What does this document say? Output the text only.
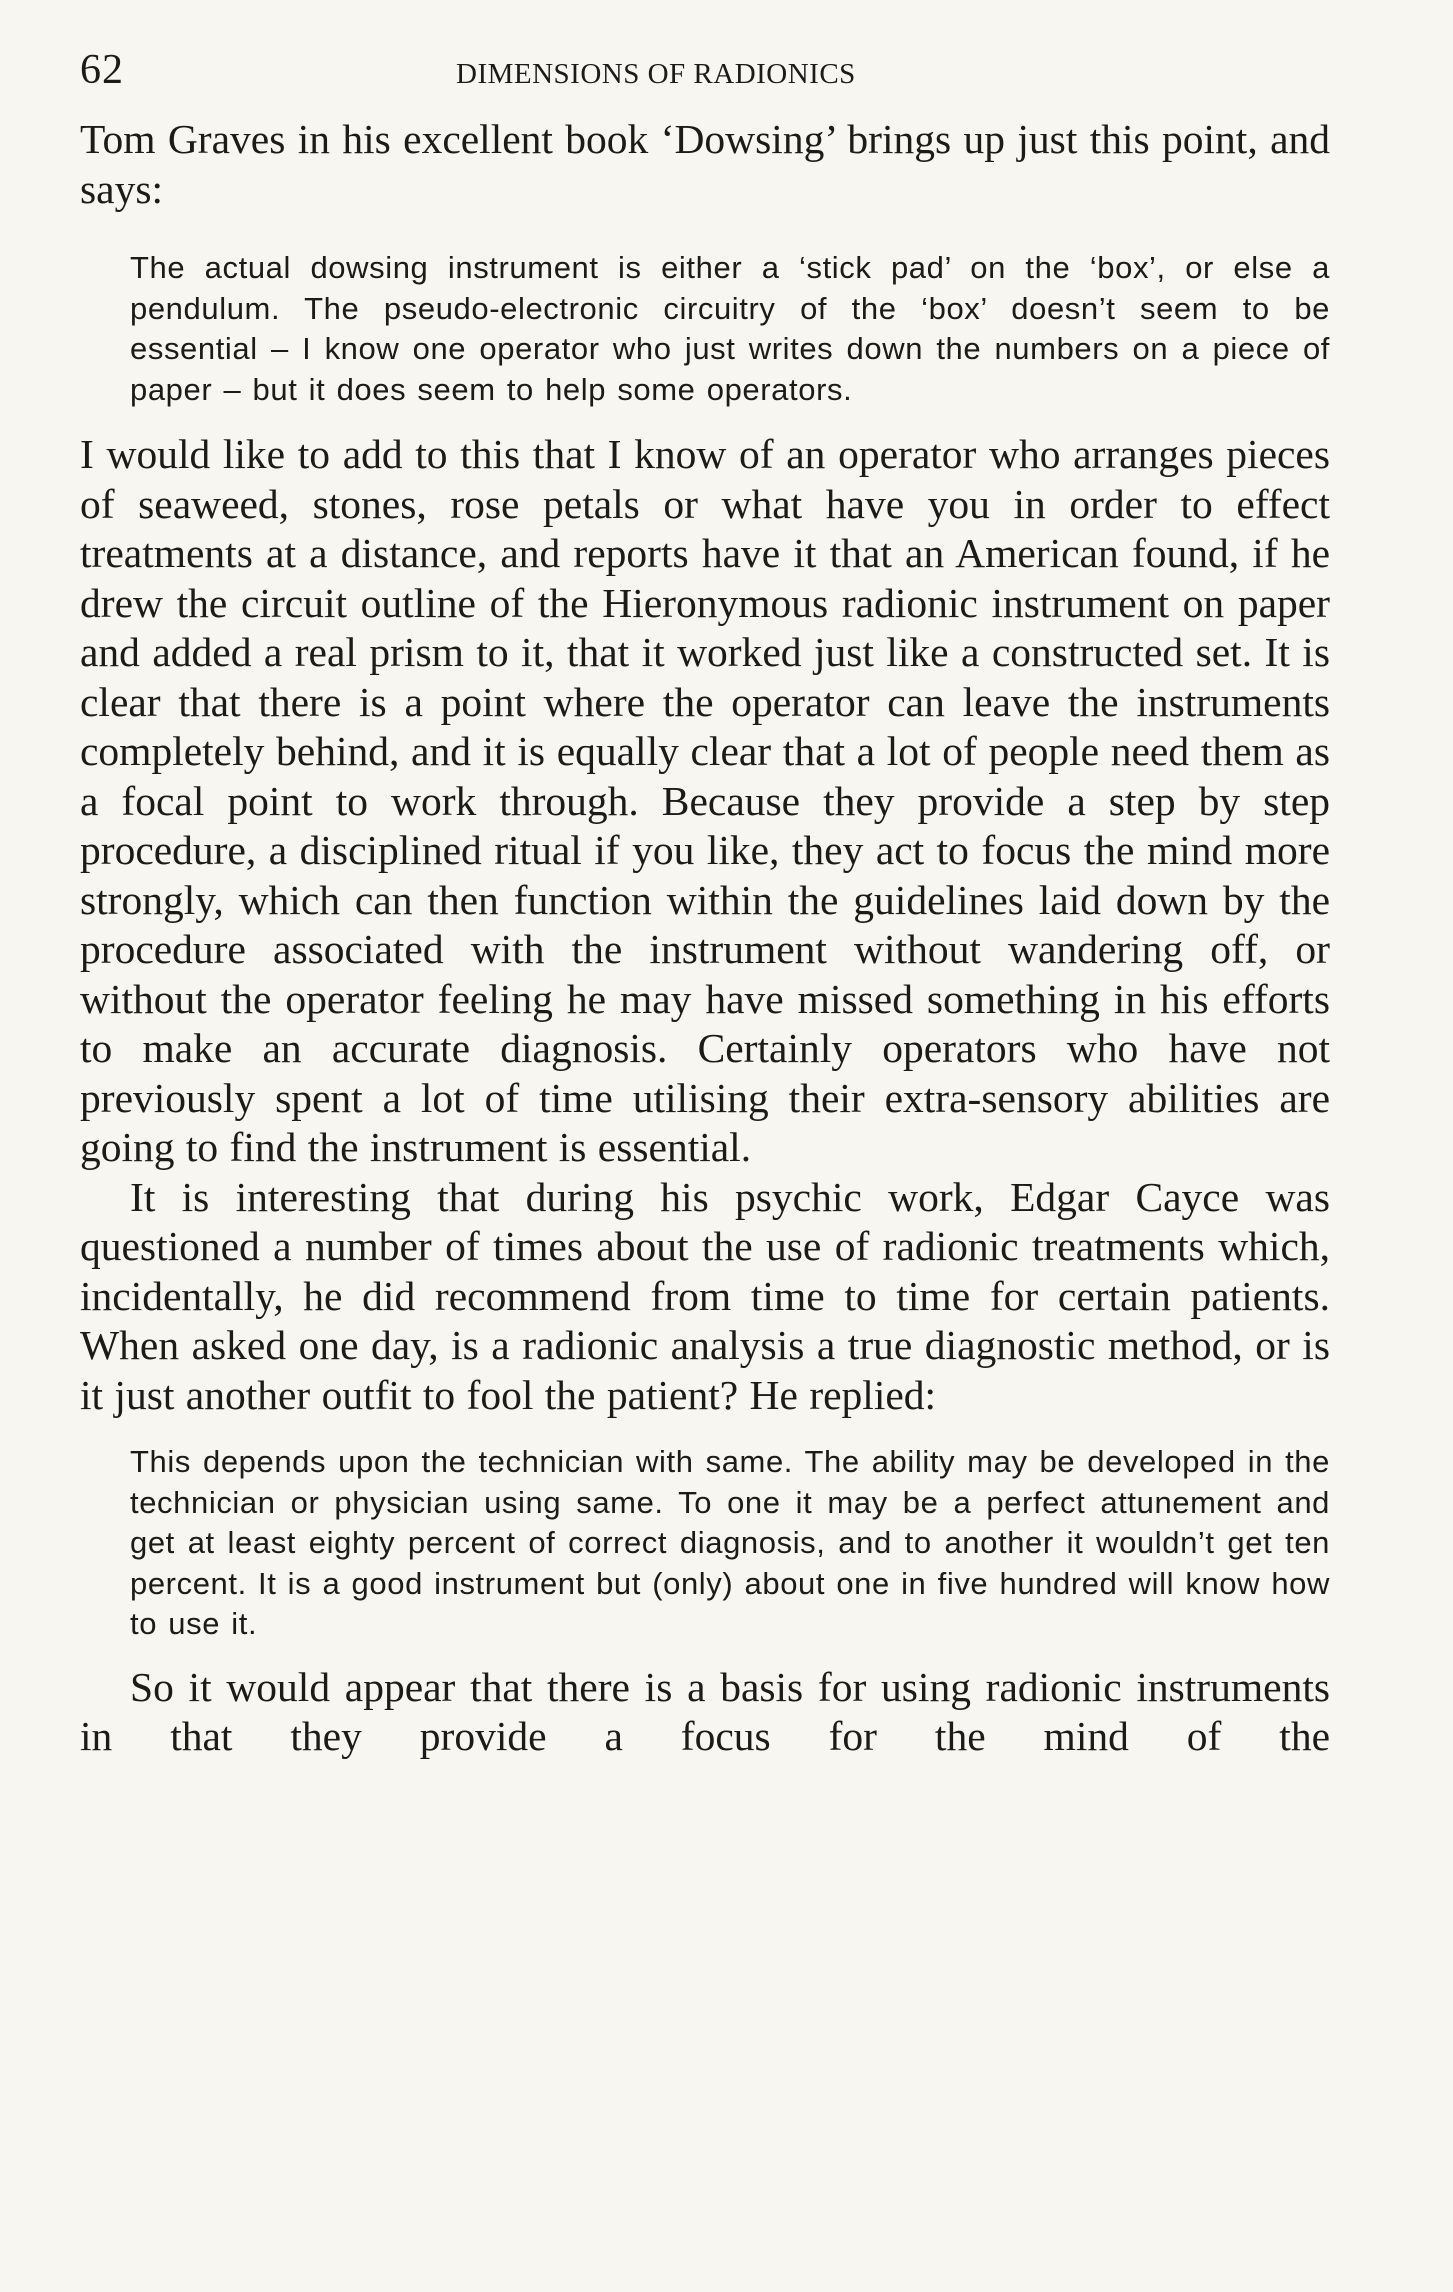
62	DIMENSIONS OF RADIONICS

Tom Graves in his excellent book ‘Dowsing’ brings up just this point, and says:

The actual dowsing instrument is either a ‘stick pad’ on the ‘box’, or else a pendulum. The pseudo-electronic circuitry of the ‘box’ doesn’t seem to be essential – I know one operator who just writes down the numbers on a piece of paper – but it does seem to help some operators.

I would like to add to this that I know of an operator who arranges pieces of seaweed, stones, rose petals or what have you in order to effect treatments at a distance, and reports have it that an American found, if he drew the circuit outline of the Hieronymous radionic instrument on paper and added a real prism to it, that it worked just like a constructed set. It is clear that there is a point where the operator can leave the instruments completely behind, and it is equally clear that a lot of people need them as a focal point to work through. Because they provide a step by step procedure, a disciplined ritual if you like, they act to focus the mind more strongly, which can then function within the guidelines laid down by the procedure associated with the instrument without wandering off, or without the operator feeling he may have missed something in his efforts to make an accurate diagnosis. Certainly operators who have not previously spent a lot of time utilising their extra-sensory abilities are going to find the instrument is essential.

It is interesting that during his psychic work, Edgar Cayce was questioned a number of times about the use of radionic treatments which, incidentally, he did recommend from time to time for certain patients. When asked one day, is a radionic analysis a true diagnostic method, or is it just another outfit to fool the patient? He replied:

This depends upon the technician with same. The ability may be developed in the technician or physician using same. To one it may be a perfect attunement and get at least eighty percent of correct diagnosis, and to another it wouldn’t get ten percent. It is a good instrument but (only) about one in five hundred will know how to use it.

So it would appear that there is a basis for using radionic instruments in that they provide a focus for the mind of the
